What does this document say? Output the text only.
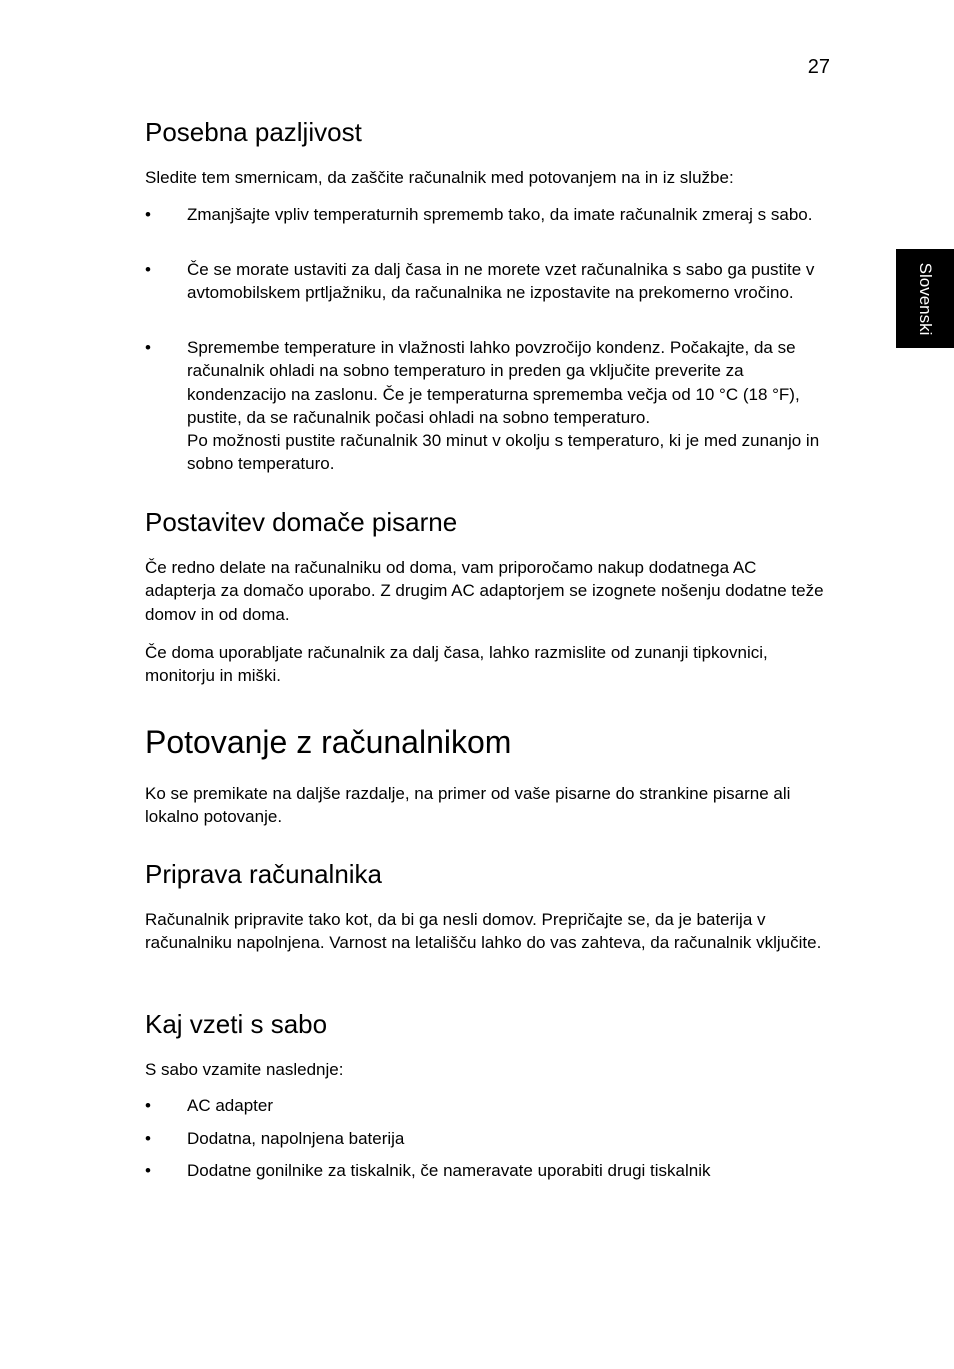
27
Slovenski
Posebna pazljivost
Sledite tem smernicam, da zaščite računalnik med potovanjem na in iz službe:
•	Zmanjšajte vpliv temperaturnih sprememb tako, da imate računalnik zmeraj s sabo.
•	Če se morate ustaviti za dalj časa in ne morete vzet računalnika s sabo ga pustite v avtomobilskem prtljažniku, da računalnika ne izpostavite na prekomerno vročino.
•	Spremembe temperature in vlažnosti lahko povzročijo kondenz. Počakajte, da se računalnik ohladi na sobno temperaturo in preden ga vključite preverite za kondenzacijo na zaslonu. Če je temperaturna sprememba večja od 10 °C (18 °F), pustite, da se računalnik počasi ohladi na sobno temperaturo.
Po možnosti pustite računalnik 30 minut v okolju s temperaturo, ki je med zunanjo in sobno temperaturo.
Postavitev domače pisarne
Če redno delate na računalniku od doma, vam priporočamo nakup dodatnega AC adapterja za domačo uporabo. Z drugim AC adaptorjem se izognete nošenju dodatne teže domov in od doma.
Če doma uporabljate računalnik za dalj časa, lahko razmislite od zunanji tipkovnici, monitorju in miški.
Potovanje z računalnikom
Ko se premikate na daljše razdalje, na primer od vaše pisarne do strankine pisarne ali lokalno potovanje.
Priprava računalnika
Računalnik pripravite tako kot, da bi ga nesli domov. Prepričajte se, da je baterija v računalniku napolnjena. Varnost na letališču lahko do vas zahteva, da računalnik vključite.
Kaj vzeti s sabo
S sabo vzamite naslednje:
•	AC adapter
•	Dodatna, napolnjena baterija
•	Dodatne gonilnike za tiskalnik, če nameravate uporabiti drugi tiskalnik
